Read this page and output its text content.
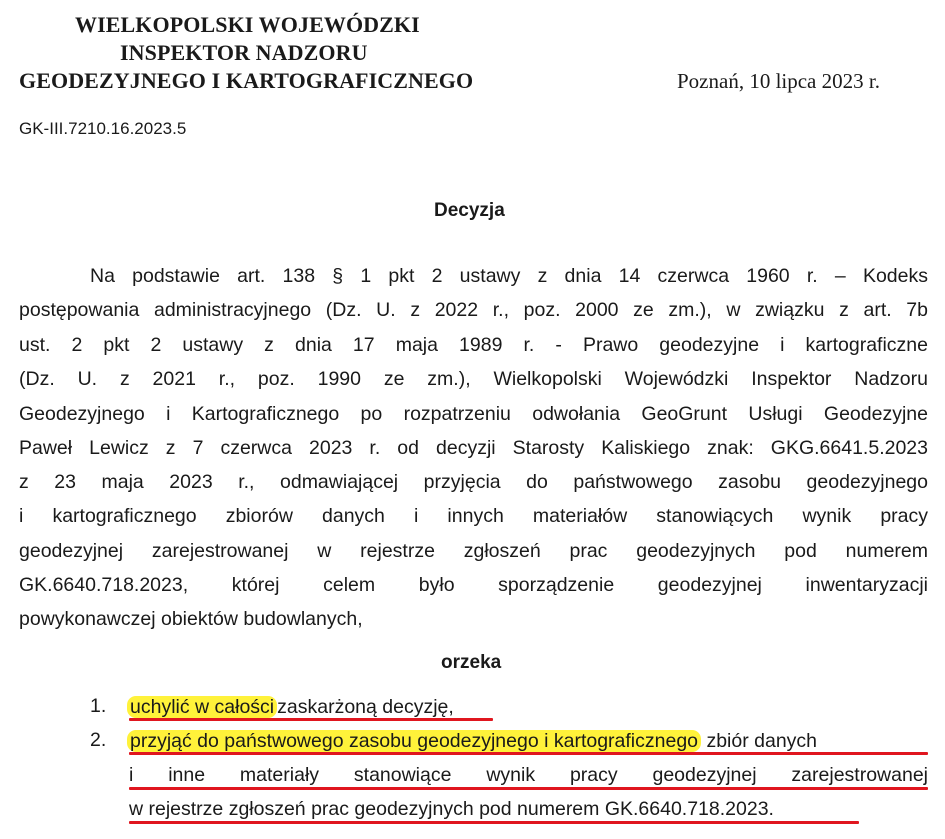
WIELKOPOLSKI WOJEWÓDZKI
INSPEKTOR NADZORU
GEODEZYJNEGO I KARTOGRAFICZNEGO	Poznań, 10 lipca 2023 r.
GK-III.7210.16.2023.5
Decyzja
Na podstawie art. 138 § 1 pkt 2 ustawy z dnia 14 czerwca 1960 r. – Kodeks
postępowania administracyjnego (Dz. U. z 2022 r., poz. 2000 ze zm.), w związku z art. 7b
ust. 2 pkt 2 ustawy z dnia 17 maja 1989 r. - Prawo geodezyjne i kartograficzne
(Dz. U. z 2021 r., poz. 1990 ze zm.), Wielkopolski Wojewódzki Inspektor Nadzoru
Geodezyjnego i Kartograficznego po rozpatrzeniu odwołania GeoGrunt Usługi Geodezyjne
Paweł Lewicz z 7 czerwca 2023 r. od decyzji Starosty Kaliskiego znak: GKG.6641.5.2023
z 23 maja 2023 r., odmawiającej przyjęcia do państwowego zasobu geodezyjnego
i kartograficznego zbiorów danych i innych materiałów stanowiących wynik pracy
geodezyjnej zarejestrowanej w rejestrze zgłoszeń prac geodezyjnych pod numerem
GK.6640.718.2023, której celem było sporządzenie geodezyjnej inwentaryzacji
powykonawczej obiektów budowlanych,
orzeka
1. uchylić w całości zaskarżoną decyzję,
2. przyjąć do państwowego zasobu geodezyjnego i kartograficznego zbiór danych
i inne materiały stanowiące wynik pracy geodezyjnej zarejestrowanej
w rejestrze zgłoszeń prac geodezyjnych pod numerem GK.6640.718.2023.
